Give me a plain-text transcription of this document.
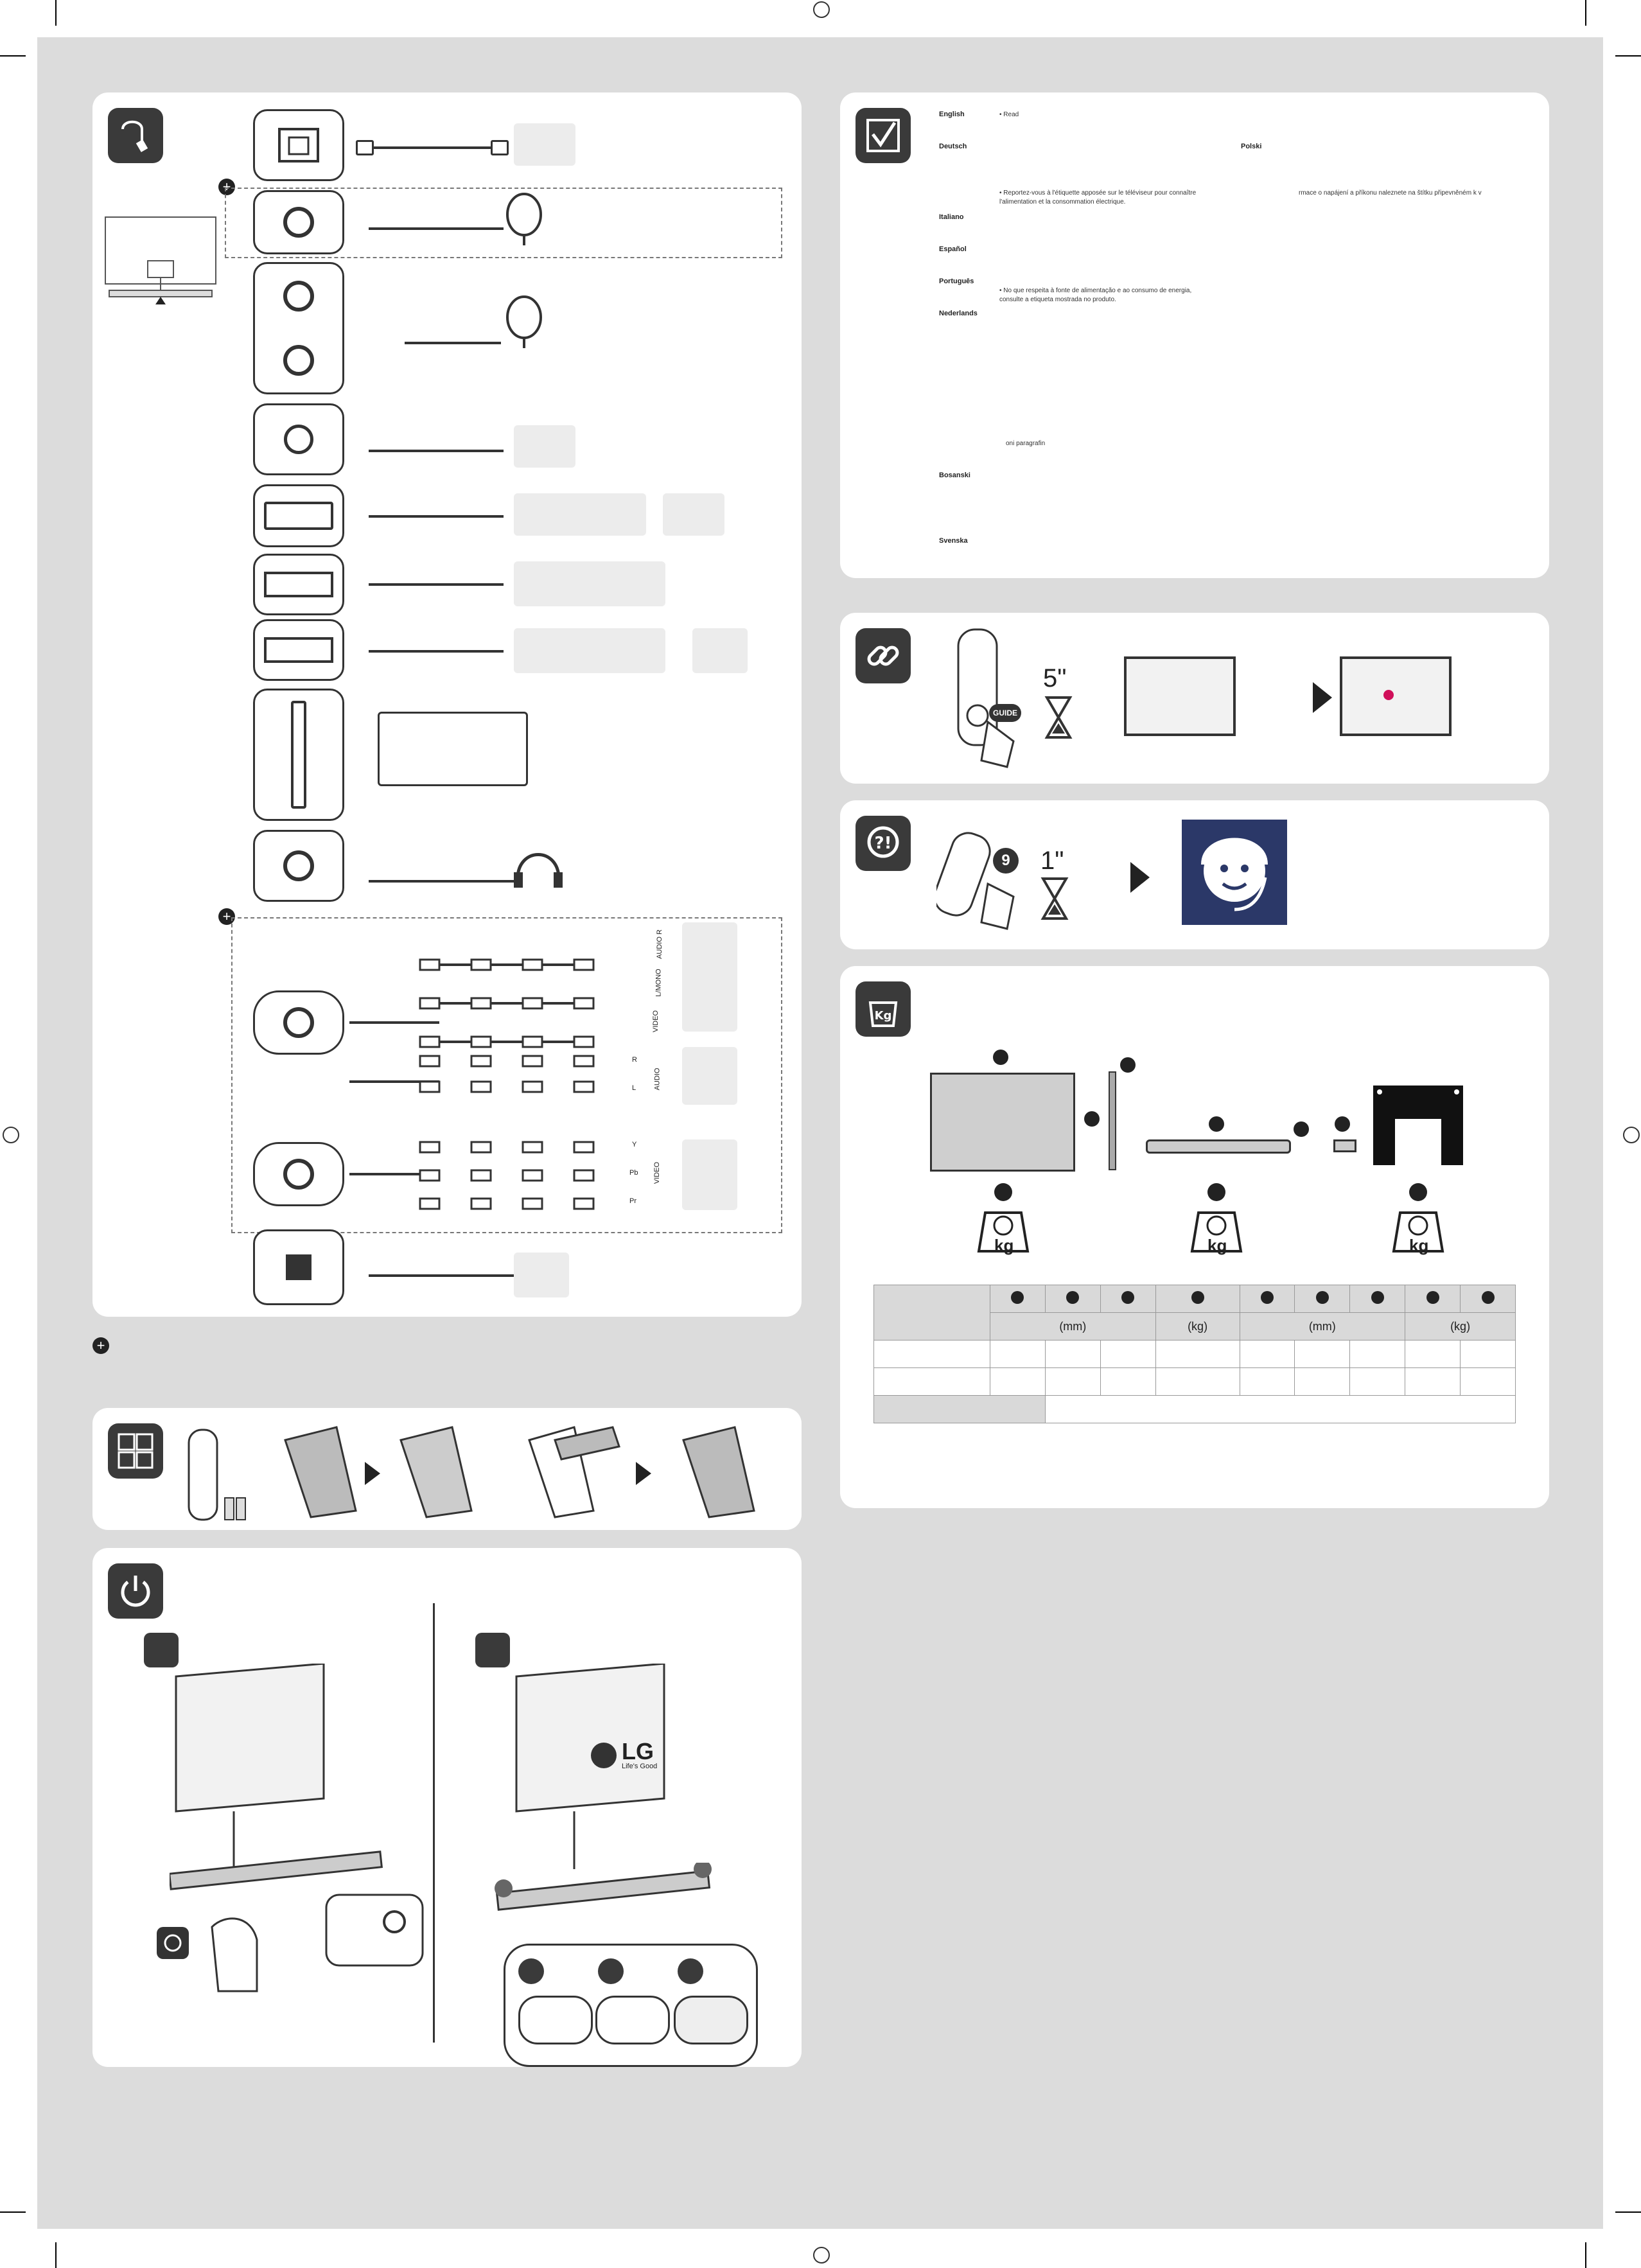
+
+
AUDIO R
L/MONO
VIDEO
AUDIO
R
L
Y
Pb
Pr
VIDEO
+
LG
Life's Good
English	• Read
Deutsch	Polski
• Reportez-vous à l'étiquette apposée sur le téléviseur pour connaître l'alimentation et la consommation électrique.
rmace o napájení a příkonu naleznete na štítku připevněném k v
Italiano
Español
Português
• No que respeita à fonte de alimentação e ao consumo de energia, consulte a etiqueta mostrada no produto.
Nederlands
oni paragrafin
Bosanski
Svenska
GUIDE
5"
?!
9 1"
Kg
kg	kg	kg

	(mm)			(kg)	(mm)			(kg)	
